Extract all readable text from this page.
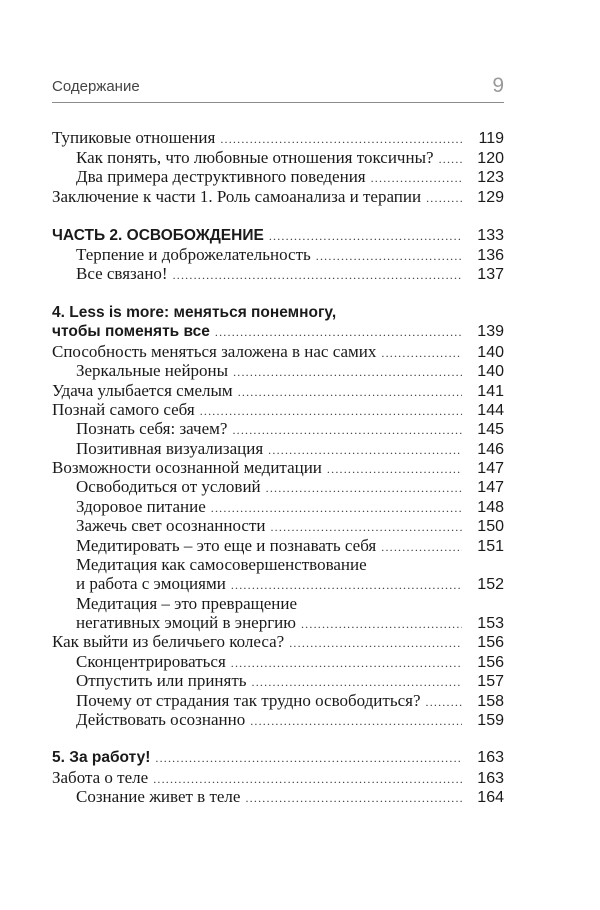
Содержание	9
Тупиковые отношения .....	119
Как понять, что любовные отношения токсичны? .....	120
Два примера деструктивного поведения .....	123
Заключение к части 1. Роль самоанализа и терапии .....	129
ЧАСТЬ 2. ОСВОБОЖДЕНИЕ .....	133
Терпение и доброжелательность .....	136
Все связано! .....	137
4. Less is more: меняться понемногу,
чтобы поменять все .....	139
Способность меняться заложена в нас самих .....	140
Зеркальные нейроны .....	140
Удача улыбается смелым .....	141
Познай самого себя .....	144
Познать себя: зачем? .....	145
Позитивная визуализация .....	146
Возможности осознанной медитации .....	147
Освободиться от условий .....	147
Здоровое питание .....	148
Зажечь свет осознанности .....	150
Медитировать – это еще и познавать себя .....	151
Медитация как самосовершенствование
и работа с эмоциями .....	152
Медитация – это превращение
негативных эмоций в энергию .....	153
Как выйти из беличьего колеса? .....	156
Сконцентрироваться .....	156
Отпустить или принять .....	157
Почему от страдания так трудно освободиться? .....	158
Действовать осознанно .....	159
5. За работу! .....	163
Забота о теле .....	163
Сознание живет в теле .....	164
